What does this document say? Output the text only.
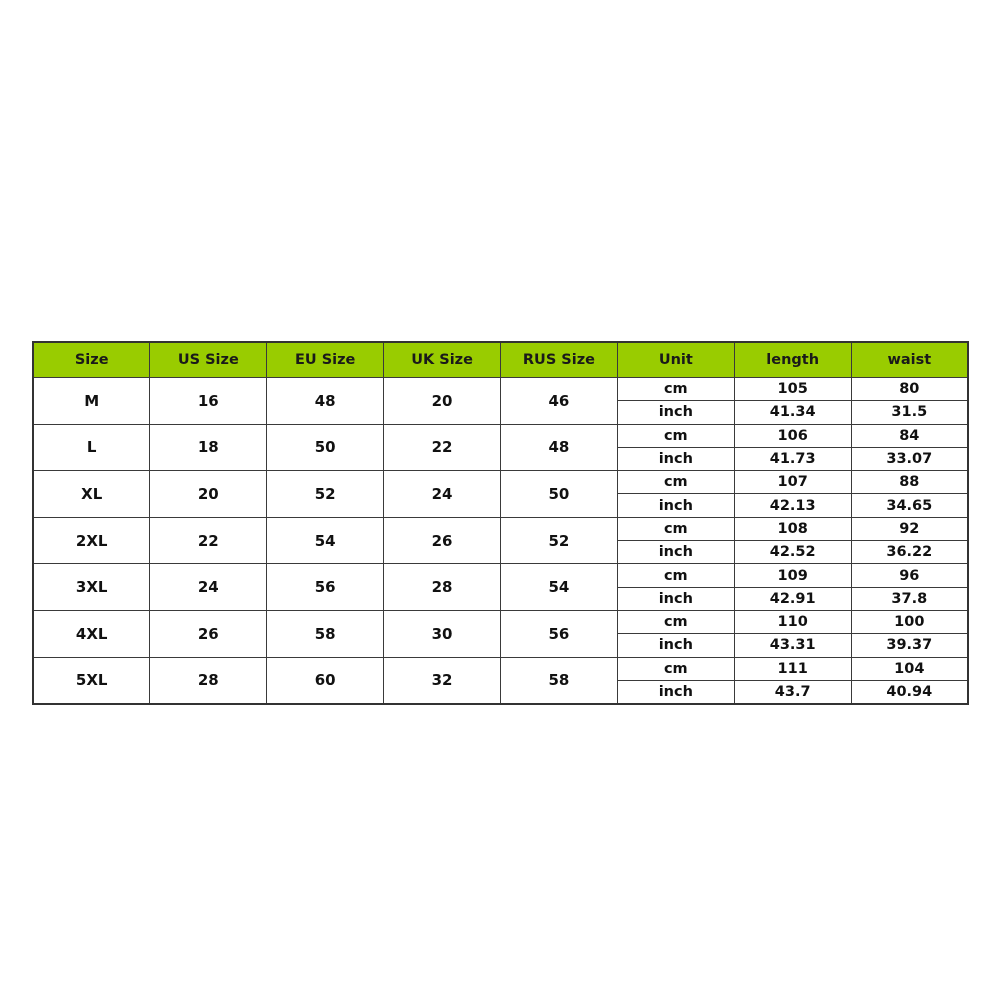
Size	US Size	EU Size	UK Size	RUS Size	Unit	length	waist
M	16	48	20	46	cm	105	80
					inch	41.34	31.5
L	18	50	22	48	cm	106	84
					inch	41.73	33.07
XL	20	52	24	50	cm	107	88
					inch	42.13	34.65
2XL	22	54	26	52	cm	108	92
					inch	42.52	36.22
3XL	24	56	28	54	cm	109	96
					inch	42.91	37.8
4XL	26	58	30	56	cm	110	100
					inch	43.31	39.37
5XL	28	60	32	58	cm	111	104
					inch	43.7	40.94
